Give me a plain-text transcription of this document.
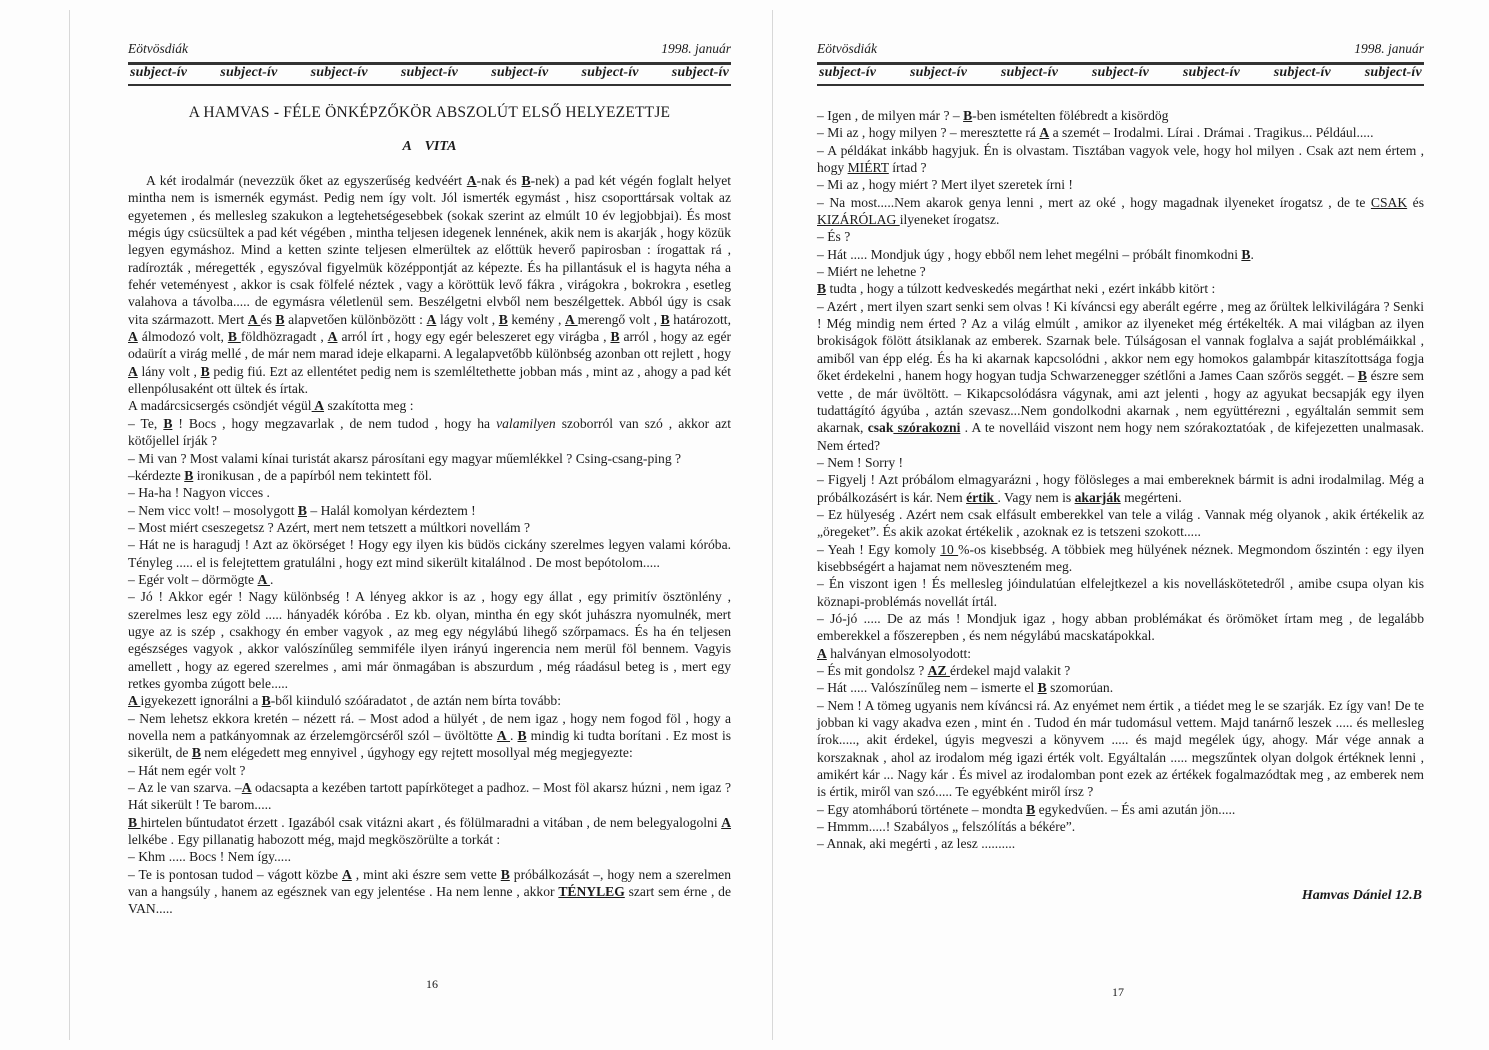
Eötvösdiák	1998. január
subject-ív subject-ív subject-ív subject-ív subject-ív subject-ív subject-ív
A HAMVAS - FÉLE ÖNKÉPZŐKÖR ABSZOLÚT ELSŐ HELYEZETTJE
A VITA

A két irodalmár (nevezzük őket az egyszerűség kedvéért A-nak és B-nek) a pad két végén foglalt helyet mintha nem is ismernék egymást. Pedig nem így volt. Jól ismerték egymást , hisz csoporttársak voltak az egyetemen , és mellesleg szakukon a legtehetségesebbek (sokak szerint az elmúlt 10 év legjobbjai). És most mégis úgy csücsültek a pad két végében , mintha teljesen idegenek lennének, akik nem is akarják , hogy közük legyen egymáshoz. Mind a ketten szinte teljesen elmerültek az előttük heverő papirosban : írogattak rá , radírozták , méregették , egyszóval figyelmük középpontját az képezte. És ha pillantásuk el is hagyta néha a fehér veteményest , akkor is csak fölfelé néztek , vagy a köröttük levő fákra , virágokra , bokrokra , esetleg valahova a távolba..... de egymásra véletlenül sem. Beszélgetni elvből nem beszélgettek. Abból úgy is csak vita származott. Mert A és B alapvetően különbözött : A lágy volt , B kemény , A merengő volt , B határozott, A álmodozó volt, B földhözragadt , A arról írt , hogy egy egér beleszeret egy virágba , B arról , hogy az egér odaürít a virág mellé , de már nem marad ideje elkaparni. A legalapvetőbb különbség azonban ott rejlett , hogy A lány volt , B pedig fiú. Ezt az ellentétet pedig nem is szemléltethette jobban más , mint az , ahogy a pad két ellenpólusaként ott ültek és írtak.

A madárcsicsergés csöndjét végül A szakította meg :

– Te, B ! Bocs , hogy megzavarlak , de nem tudod , hogy ha valamilyen szoborról van szó , akkor azt kötőjellel írják ?

– Mi van ? Most valami kínai turistát akarsz párosítani egy magyar műemlékkel ? Csing-csang-ping ?

–kérdezte B ironikusan , de a papírból nem tekintett föl.

– Ha-ha ! Nagyon vicces .

– Nem vicc volt! – mosolygott B – Halál komolyan kérdeztem !

– Most miért cseszegetsz ? Azért, mert nem tetszett a múltkori novellám ?

– Hát ne is haragudj ! Azt az ökörséget ! Hogy egy ilyen kis büdös cickány szerelmes legyen valami kóróba. Tényleg ..... el is felejtettem gratulálni , hogy ezt mind sikerült kitalálnod . De most bepótolom.....

– Egér volt – dörmögte A .

– Jó ! Akkor egér ! Nagy különbség ! A lényeg akkor is az , hogy egy állat , egy primitív ösztönlény , szerelmes lesz egy zöld ..... hányadék kóróba . Ez kb. olyan, mintha én egy skót juhászra nyomulnék, mert ugye az is szép , csakhogy én ember vagyok , az meg egy négylábú lihegő szőrpamacs. És ha én teljesen egészséges vagyok , akkor valószínűleg semmiféle ilyen irányú ingerencia nem merül föl bennem. Vagyis amellett , hogy az egered szerelmes , ami már önmagában is abszurdum , még ráadásul beteg is , mert egy retkes gyomba zúgott bele.....

A igyekezett ignorálni a B-ből kiinduló szóáradatot , de aztán nem bírta tovább:

– Nem lehetsz ekkora kretén – nézett rá. – Most adod a hülyét , de nem igaz , hogy nem fogod föl , hogy a novella nem a patkányomnak az érzelemgörcséről szól – üvöltötte A . B mindig ki tudta borítani . Ez most is sikerült, de B nem elégedett meg ennyivel , úgyhogy egy rejtett mosollyal még megjegyezte:

– Hát nem egér volt ?

– Az le van szarva. –A odacsapta a kezében tartott papírköteget a padhoz. – Most föl akarsz húzni , nem igaz ? Hát sikerült ! Te barom.....

B hirtelen bűntudatot érzett . Igazából csak vitázni akart , és fölülmaradni a vitában , de nem belegyalogolni A lelkébe . Egy pillanatig habozott még, majd megköszörülte a torkát :

– Khm ..... Bocs ! Nem így.....

– Te is pontosan tudod – vágott közbe A , mint aki észre sem vette B próbálkozását –, hogy nem a szerelmen van a hangsúly , hanem az egésznek van egy jelentése . Ha nem lenne , akkor TÉNYLEG szart sem érne , de VAN.....

16
Eötvösdiák	1998. január
subject-ív subject-ív subject-ív subject-ív subject-ív subject-ív subject-ív

– Igen , de milyen már ? – B-ben ismételten fölébredt a kisördög

– Mi az , hogy milyen ? – meresztette rá A a szemét – Irodalmi. Lírai . Drámai . Tragikus... Például.....

– A példákat inkább hagyjuk. Én is olvastam. Tisztában vagyok vele, hogy hol milyen . Csak azt nem értem , hogy MIÉRT írtad ?

– Mi az , hogy miért ? Mert ilyet szeretek írni !

– Na most.....Nem akarok genya lenni , mert az oké , hogy magadnak ilyeneket írogatsz , de te CSAK és KIZÁRÓLAG ilyeneket írogatsz.

– És ?

– Hát ..... Mondjuk úgy , hogy ebből nem lehet megélni – próbált finomkodni B.

– Miért ne lehetne ?

B tudta , hogy a túlzott kedveskedés megárthat neki , ezért inkább kitört :

– Azért , mert ilyen szart senki sem olvas ! Ki kíváncsi egy aberált egérre , meg az őrültek lelkivilágára ? Senki ! Még mindig nem érted ? Az a világ elmúlt , amikor az ilyeneket még értékelték. A mai világban az ilyen brokiságok fölött átsiklanak az emberek. Szarnak bele. Túlságosan el vannak foglalva a saját problémáikkal , amiből van épp elég. És ha ki akarnak kapcsolódni , akkor nem egy homokos galambpár kitaszítottsága fogja őket érdekelni , hanem hogy hogyan tudja Schwarzenegger szétlőni a James Caan szőrös seggét. – B észre sem vette , de már üvöltött. – Kikapcsolódásra vágynak, ami azt jelenti , hogy az agyukat becsapják egy ilyen tudattágító ágyúba , aztán szevasz...Nem gondolkodni akarnak , nem együttérezni , egyáltalán semmit sem akarnak, csak szórakozni . A te novelláid viszont nem hogy nem szórakoztatóak , de kifejezetten unalmasak. Nem érted?

– Nem ! Sorry !

– Figyelj ! Azt próbálom elmagyarázni , hogy fölösleges a mai embereknek bármit is adni irodalmilag. Még a próbálkozásért is kár. Nem értik . Vagy nem is akarják megérteni.

– Ez hülyeség . Azért nem csak elfásult emberekkel van tele a világ . Vannak még olyanok , akik értékelik az „öregeket”. És akik azokat értékelik , azoknak ez is tetszeni szokott.....

– Yeah ! Egy komoly 10 %-os kisebbség. A többiek meg hülyének néznek. Megmondom őszintén : egy ilyen kisebbségért a hajamat nem növeszteném meg.

– Én viszont igen ! És mellesleg jóindulatúan elfelejtkezel a kis novelláskötetedről , amibe csupa olyan kis köznapi-problémás novellát írtál.

– Jó-jó ..... De az más ! Mondjuk igaz , hogy abban problémákat és örömöket írtam meg , de legalább emberekkel a főszerepben , és nem négylábú macskatápokkal.

A halványan elmosolyodott:

– És mit gondolsz ? AZ érdekel majd valakit ?

– Hát ..... Valószínűleg nem – ismerte el B szomorúan.

– Nem ! A tömeg ugyanis nem kíváncsi rá. Az enyémet nem értik , a tiédet meg le se szarják. Ez így van! De te jobban ki vagy akadva ezen , mint én . Tudod én már tudomásul vettem. Majd tanárnő leszek ..... és mellesleg írok....., akit érdekel, úgyis megveszi a könyvem ..... és majd megélek úgy, ahogy. Már vége annak a korszaknak , ahol az irodalom még igazi érték volt. Egyáltalán ..... megszűntek olyan dolgok értéknek lenni , amikért kár ... Nagy kár . És mivel az irodalomban pont ezek az értékek fogalmazódtak meg , az emberek nem is értik, miről van szó..... Te egyébként miről írsz ?

– Egy atomháború története – mondta B egykedvűen. – És ami azután jön.....

– Hmmm.....! Szabályos „ felszólítás a békére”.

– Annak, aki megérti , az lesz ..........

Hamvas Dániel 12.B
17
